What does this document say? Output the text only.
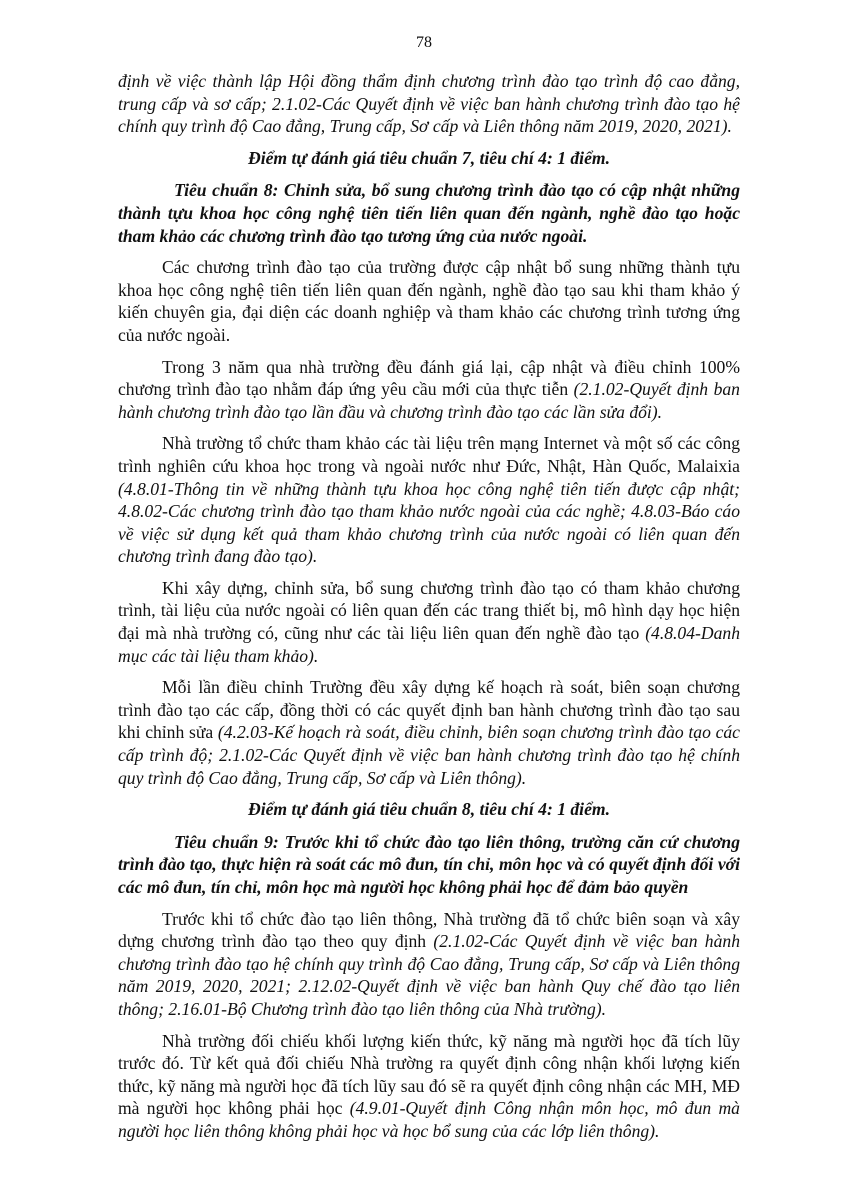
78

định về việc thành lập Hội đồng thẩm định chương trình đào tạo trình độ cao đẳng, trung cấp và sơ cấp; 2.1.02-Các Quyết định về việc ban hành chương trình đào tạo hệ chính quy trình độ Cao đẳng, Trung cấp, Sơ cấp và Liên thông năm 2019, 2020, 2021).

Điểm tự đánh giá tiêu chuẩn 7, tiêu chí 4: 1 điểm.

Tiêu chuẩn 8: Chỉnh sửa, bổ sung chương trình đào tạo có cập nhật những thành tựu khoa học công nghệ tiên tiến liên quan đến ngành, nghề đào tạo hoặc tham khảo các chương trình đào tạo tương ứng của nước ngoài.

Các chương trình đào tạo của trường được cập nhật bổ sung những thành tựu khoa học công nghệ tiên tiến liên quan đến ngành, nghề đào tạo sau khi tham khảo ý kiến chuyên gia, đại diện các doanh nghiệp và tham khảo các chương trình tương ứng của nước ngoài.

Trong 3 năm qua nhà trường đều đánh giá lại, cập nhật và điều chỉnh 100% chương trình đào tạo nhằm đáp ứng yêu cầu mới của thực tiễn (2.1.02-Quyết định ban hành chương trình đào tạo lần đầu và chương trình đào tạo các lần sửa đổi).

Nhà trường tổ chức tham khảo các tài liệu trên mạng Internet và một số các công trình nghiên cứu khoa học trong và ngoài nước như Đức, Nhật, Hàn Quốc, Malaixia (4.8.01-Thông tin về những thành tựu khoa học công nghệ tiên tiến được cập nhật; 4.8.02-Các chương trình đào tạo tham khảo nước ngoài của các nghề; 4.8.03-Báo cáo về việc sử dụng kết quả tham khảo chương trình của nước ngoài có liên quan đến chương trình đang đào tạo).

Khi xây dựng, chỉnh sửa, bổ sung chương trình đào tạo có tham khảo chương trình, tài liệu của nước ngoài có liên quan đến các trang thiết bị, mô hình dạy học hiện đại mà nhà trường có, cũng như các tài liệu liên quan đến nghề đào tạo (4.8.04-Danh mục các tài liệu tham khảo).

Mỗi lần điều chỉnh Trường đều xây dựng kế hoạch rà soát, biên soạn chương trình đào tạo các cấp, đồng thời có các quyết định ban hành chương trình đào tạo sau khi chỉnh sửa (4.2.03-Kế hoạch rà soát, điều chỉnh, biên soạn chương trình đào tạo các cấp trình độ; 2.1.02-Các Quyết định về việc ban hành chương trình đào tạo hệ chính quy trình độ Cao đẳng, Trung cấp, Sơ cấp và Liên thông).

Điểm tự đánh giá tiêu chuẩn 8, tiêu chí 4: 1 điểm.

Tiêu chuẩn 9: Trước khi tổ chức đào tạo liên thông, trường căn cứ chương trình đào tạo, thực hiện rà soát các mô đun, tín chỉ, môn học và có quyết định đối với các mô đun, tín chỉ, môn học mà người học không phải học để đảm bảo quyền

Trước khi tổ chức đào tạo liên thông, Nhà trường đã tổ chức biên soạn và xây dựng chương trình đào tạo theo quy định (2.1.02-Các Quyết định về việc ban hành chương trình đào tạo hệ chính quy trình độ Cao đẳng, Trung cấp, Sơ cấp và Liên thông năm 2019, 2020, 2021; 2.12.02-Quyết định về việc ban hành Quy chế đào tạo liên thông; 2.16.01-Bộ Chương trình đào tạo liên thông của Nhà trường).

Nhà trường đối chiếu khối lượng kiến thức, kỹ năng mà người học đã tích lũy trước đó. Từ kết quả đối chiếu Nhà trường ra quyết định công nhận khối lượng kiến thức, kỹ năng mà người học đã tích lũy sau đó sẽ ra quyết định công nhận các MH, MĐ mà người học không phải học (4.9.01-Quyết định Công nhận môn học, mô đun mà người học liên thông không phải học và học bổ sung của các lớp liên thông).
